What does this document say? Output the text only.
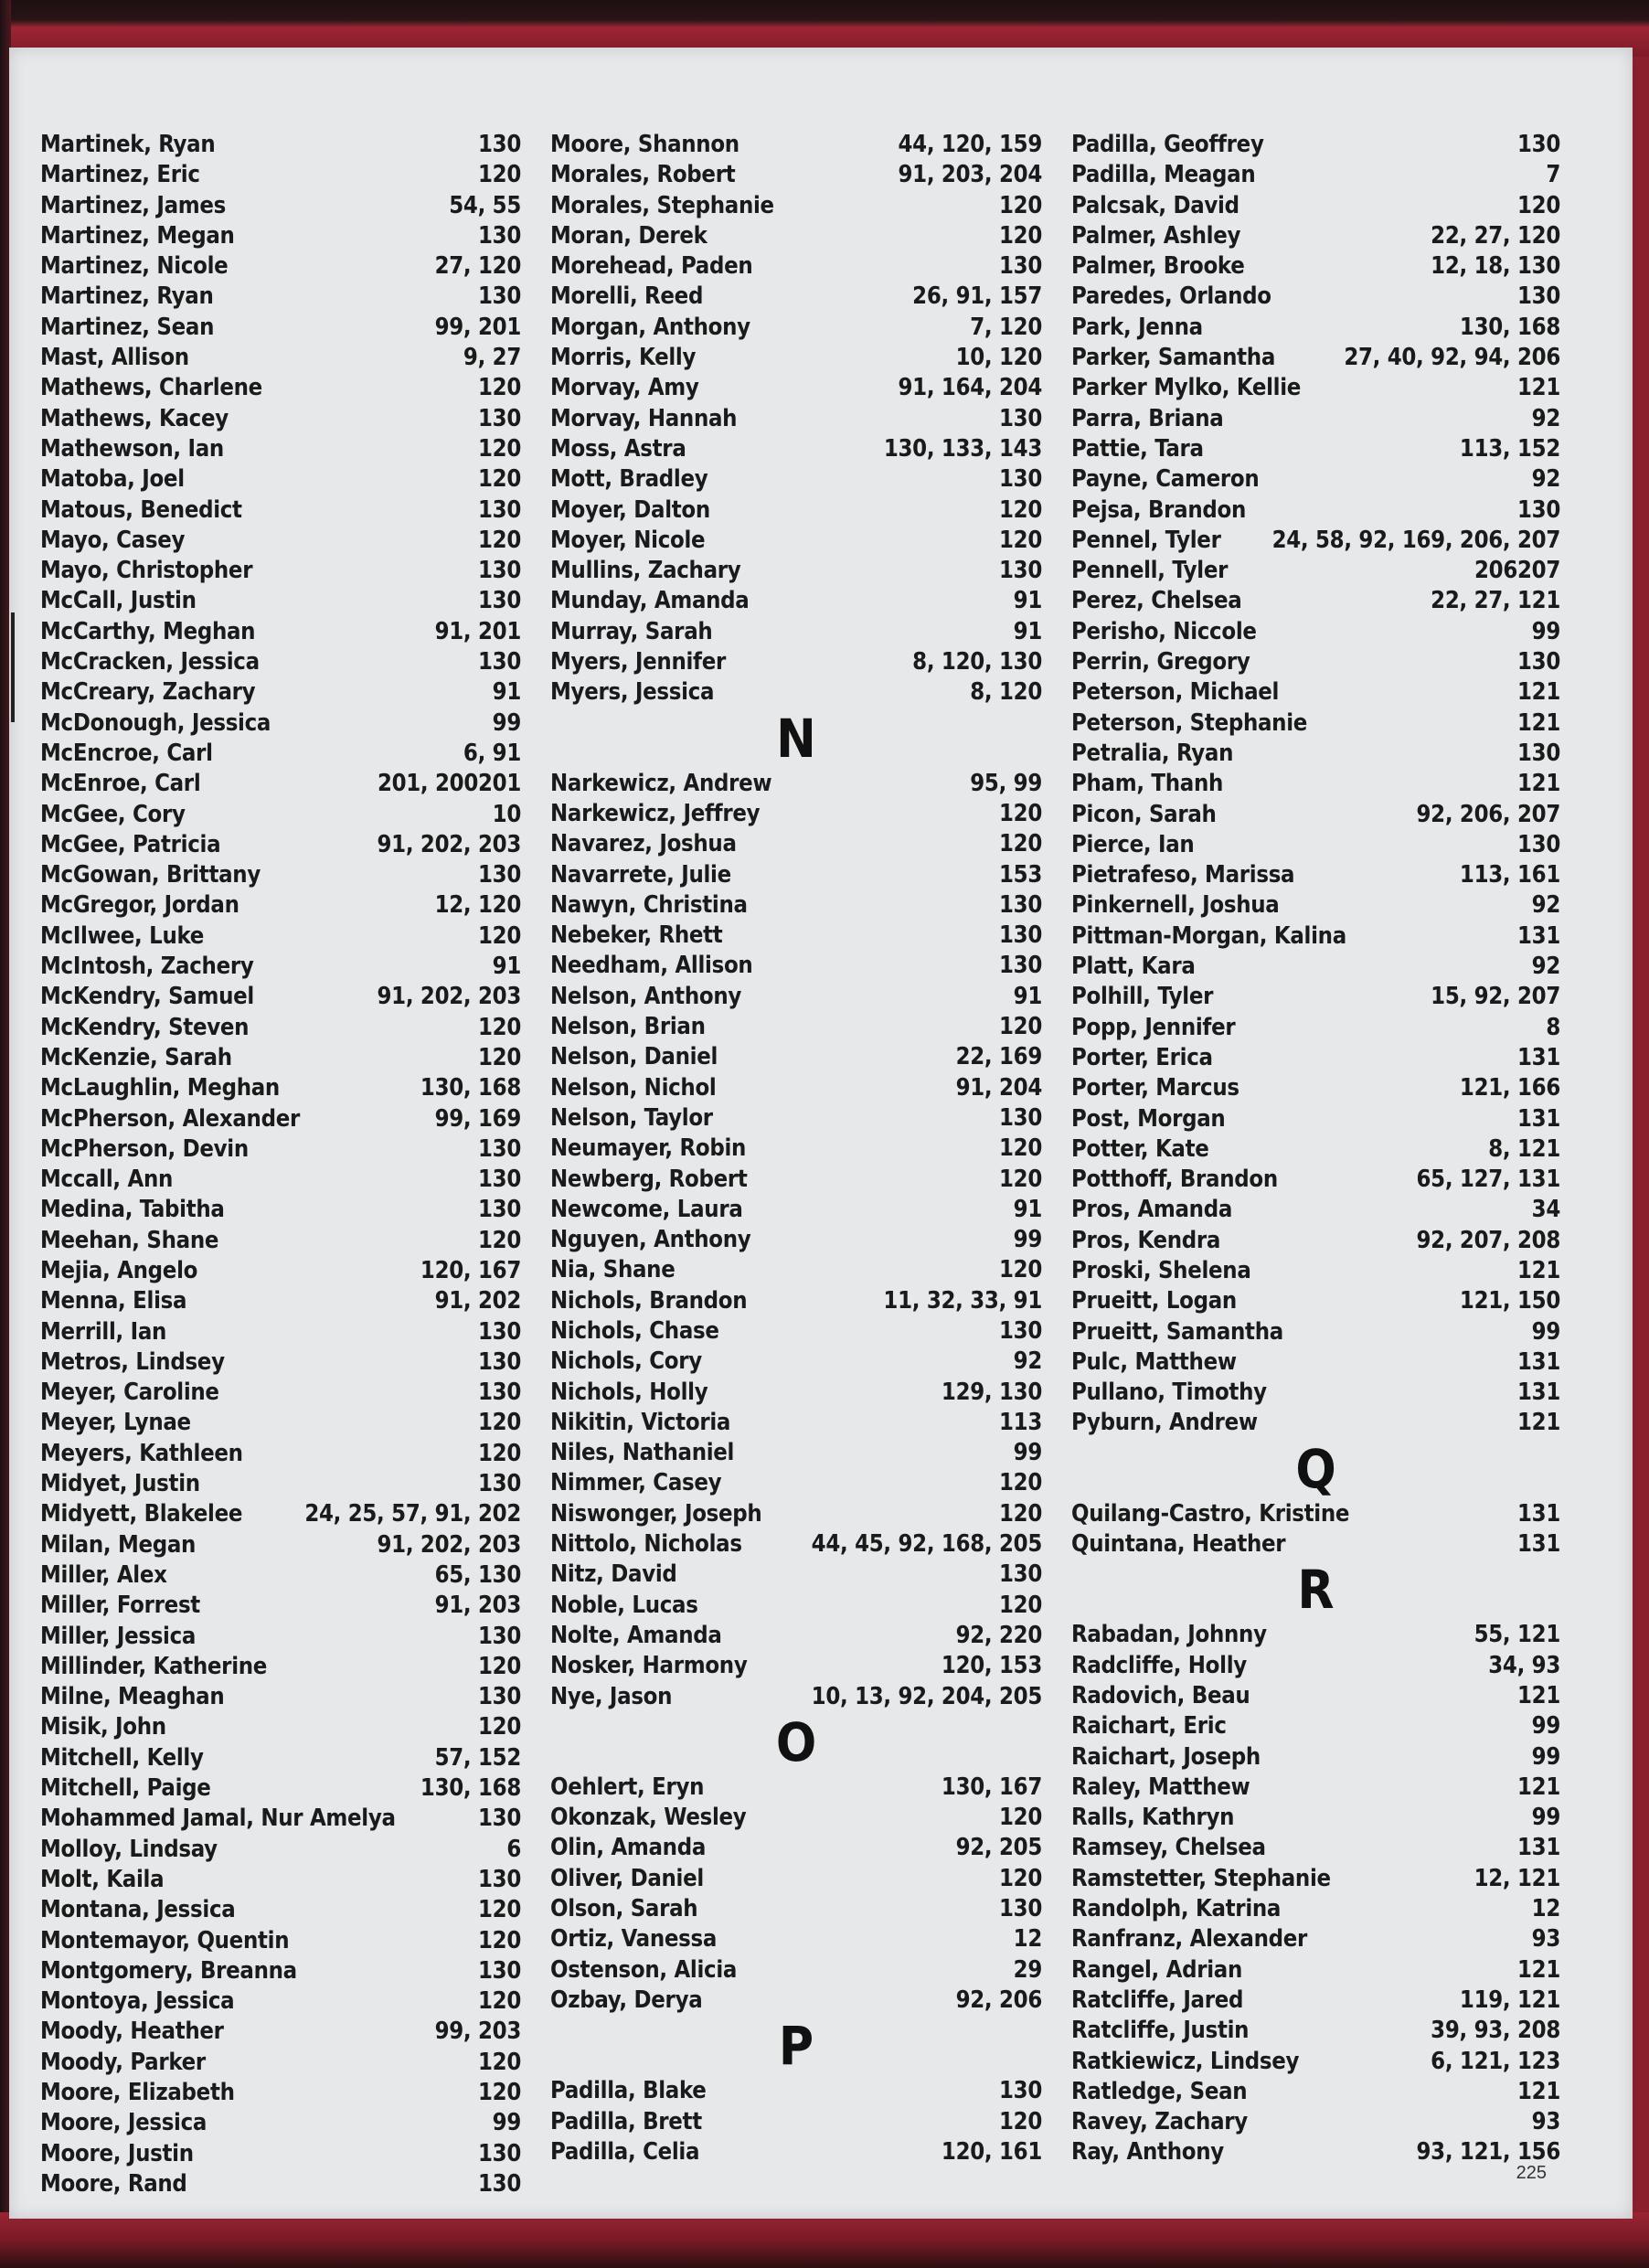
Martinek, Ryan	130
Martinez, Eric	120
Martinez, James	54, 55
Martinez, Megan	130
Martinez, Nicole	27, 120
Martinez, Ryan	130
Martinez, Sean	99, 201
Mast, Allison	9, 27
Mathews, Charlene	120
Mathews, Kacey	130
Mathewson, Ian	120
Matoba, Joel	120
Matous, Benedict	130
Mayo, Casey	120
Mayo, Christopher	130
McCall, Justin	130
McCarthy, Meghan	91, 201
McCracken, Jessica	130
McCreary, Zachary	91
McDonough, Jessica	99
McEncroe, Carl	6, 91
McEnroe, Carl	201, 200201
McGee, Cory	10
McGee, Patricia	91, 202, 203
McGowan, Brittany	130
McGregor, Jordan	12, 120
McIlwee, Luke	120
McIntosh, Zachery	91
McKendry, Samuel	91, 202, 203
McKendry, Steven	120
McKenzie, Sarah	120
McLaughlin, Meghan	130, 168
McPherson, Alexander	99, 169
McPherson, Devin	130
Mccall, Ann	130
Medina, Tabitha	130
Meehan, Shane	120
Mejia, Angelo	120, 167
Menna, Elisa	91, 202
Merrill, Ian	130
Metros, Lindsey	130
Meyer, Caroline	130
Meyer, Lynae	120
Meyers, Kathleen	120
Midyet, Justin	130
Midyett, Blakelee	24, 25, 57, 91, 202
Milan, Megan	91, 202, 203
Miller, Alex	65, 130
Miller, Forrest	91, 203
Miller, Jessica	130
Millinder, Katherine	120
Milne, Meaghan	130
Misik, John	120
Mitchell, Kelly	57, 152
Mitchell, Paige	130, 168
Mohammed Jamal, Nur Amelya	130
Molloy, Lindsay	6
Molt, Kaila	130
Montana, Jessica	120
Montemayor, Quentin	120
Montgomery, Breanna	130
Montoya, Jessica	120
Moody, Heather	99, 203
Moody, Parker	120
Moore, Elizabeth	120
Moore, Jessica	99
Moore, Justin	130
Moore, Rand	130
Moore, Shannon	44, 120, 159
Morales, Robert	91, 203, 204
Morales, Stephanie	120
Moran, Derek	120
Morehead, Paden	130
Morelli, Reed	26, 91, 157
Morgan, Anthony	7, 120
Morris, Kelly	10, 120
Morvay, Amy	91, 164, 204
Morvay, Hannah	130
Moss, Astra	130, 133, 143
Mott, Bradley	130
Moyer, Dalton	120
Moyer, Nicole	120
Mullins, Zachary	130
Munday, Amanda	91
Murray, Sarah	91
Myers, Jennifer	8, 120, 130
Myers, Jessica	8, 120
N
Narkewicz, Andrew	95, 99
Narkewicz, Jeffrey	120
Navarez, Joshua	120
Navarrete, Julie	153
Nawyn, Christina	130
Nebeker, Rhett	130
Needham, Allison	130
Nelson, Anthony	91
Nelson, Brian	120
Nelson, Daniel	22, 169
Nelson, Nichol	91, 204
Nelson, Taylor	130
Neumayer, Robin	120
Newberg, Robert	120
Newcome, Laura	91
Nguyen, Anthony	99
Nia, Shane	120
Nichols, Brandon	11, 32, 33, 91
Nichols, Chase	130
Nichols, Cory	92
Nichols, Holly	129, 130
Nikitin, Victoria	113
Niles, Nathaniel	99
Nimmer, Casey	120
Niswonger, Joseph	120
Nittolo, Nicholas	44, 45, 92, 168, 205
Nitz, David	130
Noble, Lucas	120
Nolte, Amanda	92, 220
Nosker, Harmony	120, 153
Nye, Jason	10, 13, 92, 204, 205
O
Oehlert, Eryn	130, 167
Okonzak, Wesley	120
Olin, Amanda	92, 205
Oliver, Daniel	120
Olson, Sarah	130
Ortiz, Vanessa	12
Ostenson, Alicia	29
Ozbay, Derya	92, 206
P
Padilla, Blake	130
Padilla, Brett	120
Padilla, Celia	120, 161
Padilla, Geoffrey	130
Padilla, Meagan	7
Palcsak, David	120
Palmer, Ashley	22, 27, 120
Palmer, Brooke	12, 18, 130
Paredes, Orlando	130
Park, Jenna	130, 168
Parker, Samantha	27, 40, 92, 94, 206
Parker Mylko, Kellie	121
Parra, Briana	92
Pattie, Tara	113, 152
Payne, Cameron	92
Pejsa, Brandon	130
Pennel, Tyler 24, 58, 92, 169, 206, 207
Pennell, Tyler	206207
Perez, Chelsea	22, 27, 121
Perisho, Niccole	99
Perrin, Gregory	130
Peterson, Michael	121
Peterson, Stephanie	121
Petralia, Ryan	130
Pham, Thanh	121
Picon, Sarah	92, 206, 207
Pierce, Ian	130
Pietrafeso, Marissa	113, 161
Pinkernell, Joshua	92
Pittman-Morgan, Kalina	131
Platt, Kara	92
Polhill, Tyler	15, 92, 207
Popp, Jennifer	8
Porter, Erica	131
Porter, Marcus	121, 166
Post, Morgan	131
Potter, Kate	8, 121
Potthoff, Brandon	65, 127, 131
Pros, Amanda	34
Pros, Kendra	92, 207, 208
Proski, Shelena	121
Prueitt, Logan	121, 150
Prueitt, Samantha	99
Pulc, Matthew	131
Pullano, Timothy	131
Pyburn, Andrew	121
Q
Quilang-Castro, Kristine	131
Quintana, Heather	131
R
Rabadan, Johnny	55, 121
Radcliffe, Holly	34, 93
Radovich, Beau	121
Raichart, Eric	99
Raichart, Joseph	99
Raley, Matthew	121
Ralls, Kathryn	99
Ramsey, Chelsea	131
Ramstetter, Stephanie	12, 121
Randolph, Katrina	12
Ranfranz, Alexander	93
Rangel, Adrian	121
Ratcliffe, Jared	119, 121
Ratcliffe, Justin	39, 93, 208
Ratkiewicz, Lindsey	6, 121, 123
Ratledge, Sean	121
Ravey, Zachary	93
Ray, Anthony	93, 121, 156
225
